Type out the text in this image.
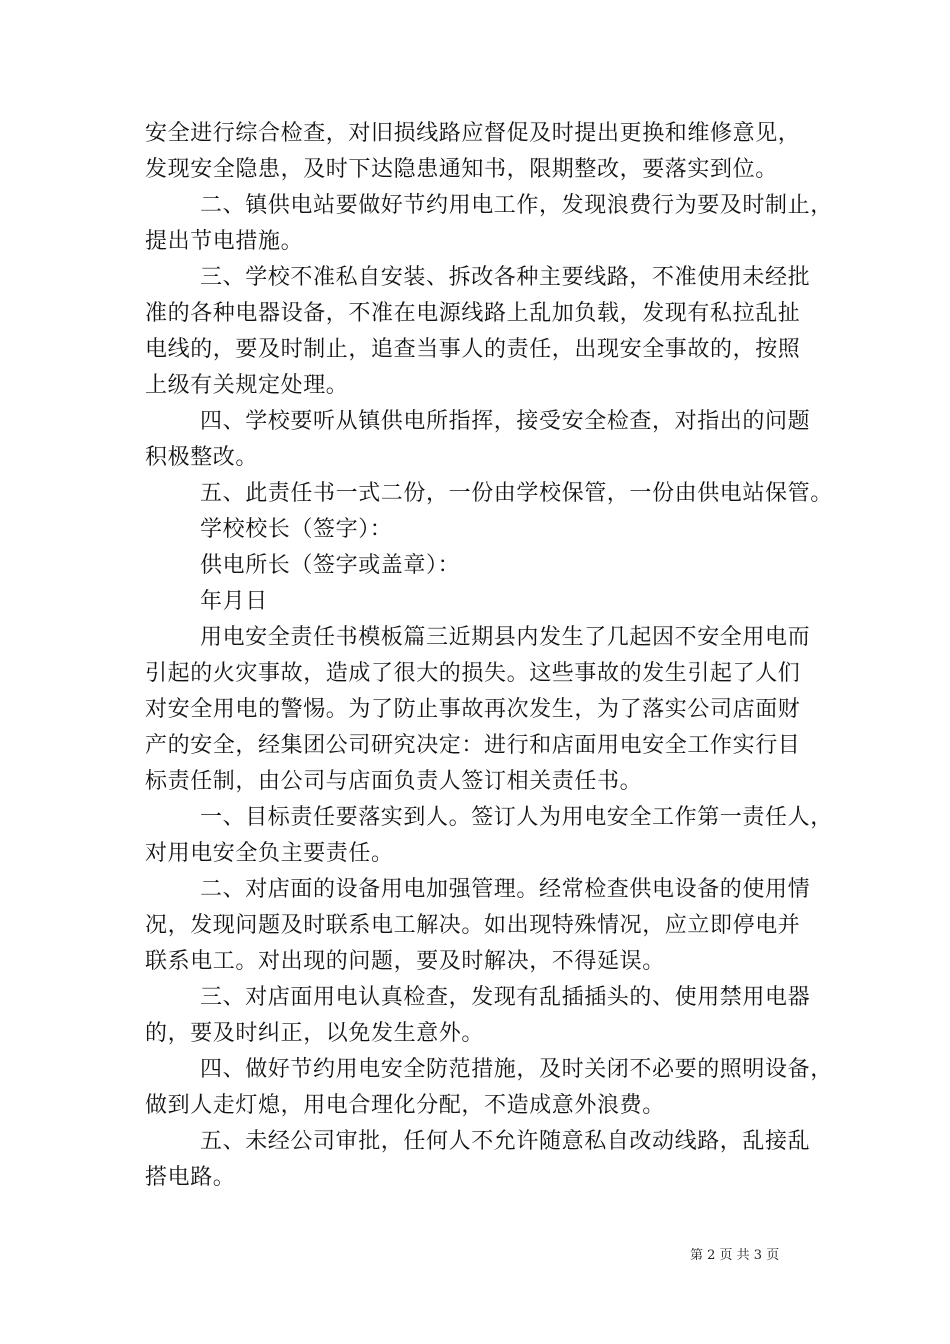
安全进行综合检查，对旧损线路应督促及时提出更换和维修意见，
发现安全隐患，及时下达隐患通知书，限期整改，要落实到位。
二、镇供电站要做好节约用电工作，发现浪费行为要及时制止，
提出节电措施。
三、学校不准私自安装、拆改各种主要线路，不准使用未经批
准的各种电器设备，不准在电源线路上乱加负载，发现有私拉乱扯
电线的，要及时制止，追查当事人的责任，出现安全事故的，按照
上级有关规定处理。
四、学校要听从镇供电所指挥，接受安全检查，对指出的问题
积极整改。
五、此责任书一式二份，一份由学校保管，一份由供电站保管。
学校校长（签字）：
供电所长（签字或盖章）：
年月日
用电安全责任书模板篇三近期县内发生了几起因不安全用电而
引起的火灾事故，造成了很大的损失。这些事故的发生引起了人们
对安全用电的警惕。为了防止事故再次发生，为了落实公司店面财
产的安全，经集团公司研究决定：进行和店面用电安全工作实行目
标责任制，由公司与店面负责人签订相关责任书。
一、目标责任要落实到人。签订人为用电安全工作第一责任人，
对用电安全负主要责任。
二、对店面的设备用电加强管理。经常检查供电设备的使用情
况，发现问题及时联系电工解决。如出现特殊情况，应立即停电并
联系电工。对出现的问题，要及时解决，不得延误。
三、对店面用电认真检查，发现有乱插插头的、使用禁用电器
的，要及时纠正，以免发生意外。
四、做好节约用电安全防范措施，及时关闭不必要的照明设备，
做到人走灯熄，用电合理化分配，不造成意外浪费。
五、未经公司审批，任何人不允许随意私自改动线路，乱接乱
搭电路。
第 2 页 共 3 页
